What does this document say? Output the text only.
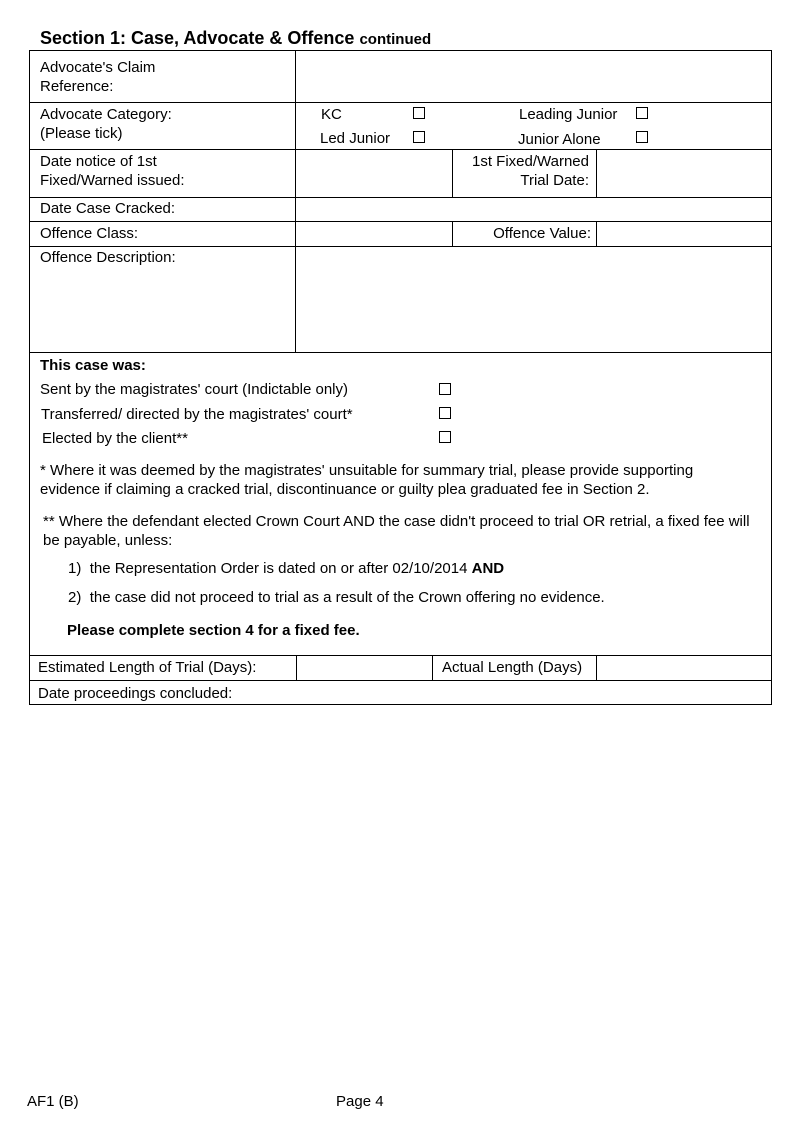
Section 1: Case, Advocate & Offence continued
Advocate's Claim
Reference:
Advocate Category:
(Please tick)
KC	Leading Junior
Led Junior	Junior Alone
Date notice of 1st
Fixed/Warned issued:
1st Fixed/Warned
Trial Date:
Date Case Cracked:
Offence Class:	Offence Value:
Offence Description:
This case was:
Sent by the magistrates' court (Indictable only)
Transferred/ directed by the magistrates' court*
Elected by the client**
* Where it was deemed by the magistrates' unsuitable for summary trial, please provide supporting evidence if claiming a cracked trial, discontinuance or guilty plea graduated fee in Section 2.
** Where the defendant elected Crown Court AND the case didn't proceed to trial OR retrial, a fixed fee will be payable, unless:
1) the Representation Order is dated on or after 02/10/2014 AND
2) the case did not proceed to trial as a result of the Crown offering no evidence.
Please complete section 4 for a fixed fee.
Estimated Length of Trial (Days):	Actual Length (Days)
Date proceedings concluded:
AF1 (B)	Page 4
